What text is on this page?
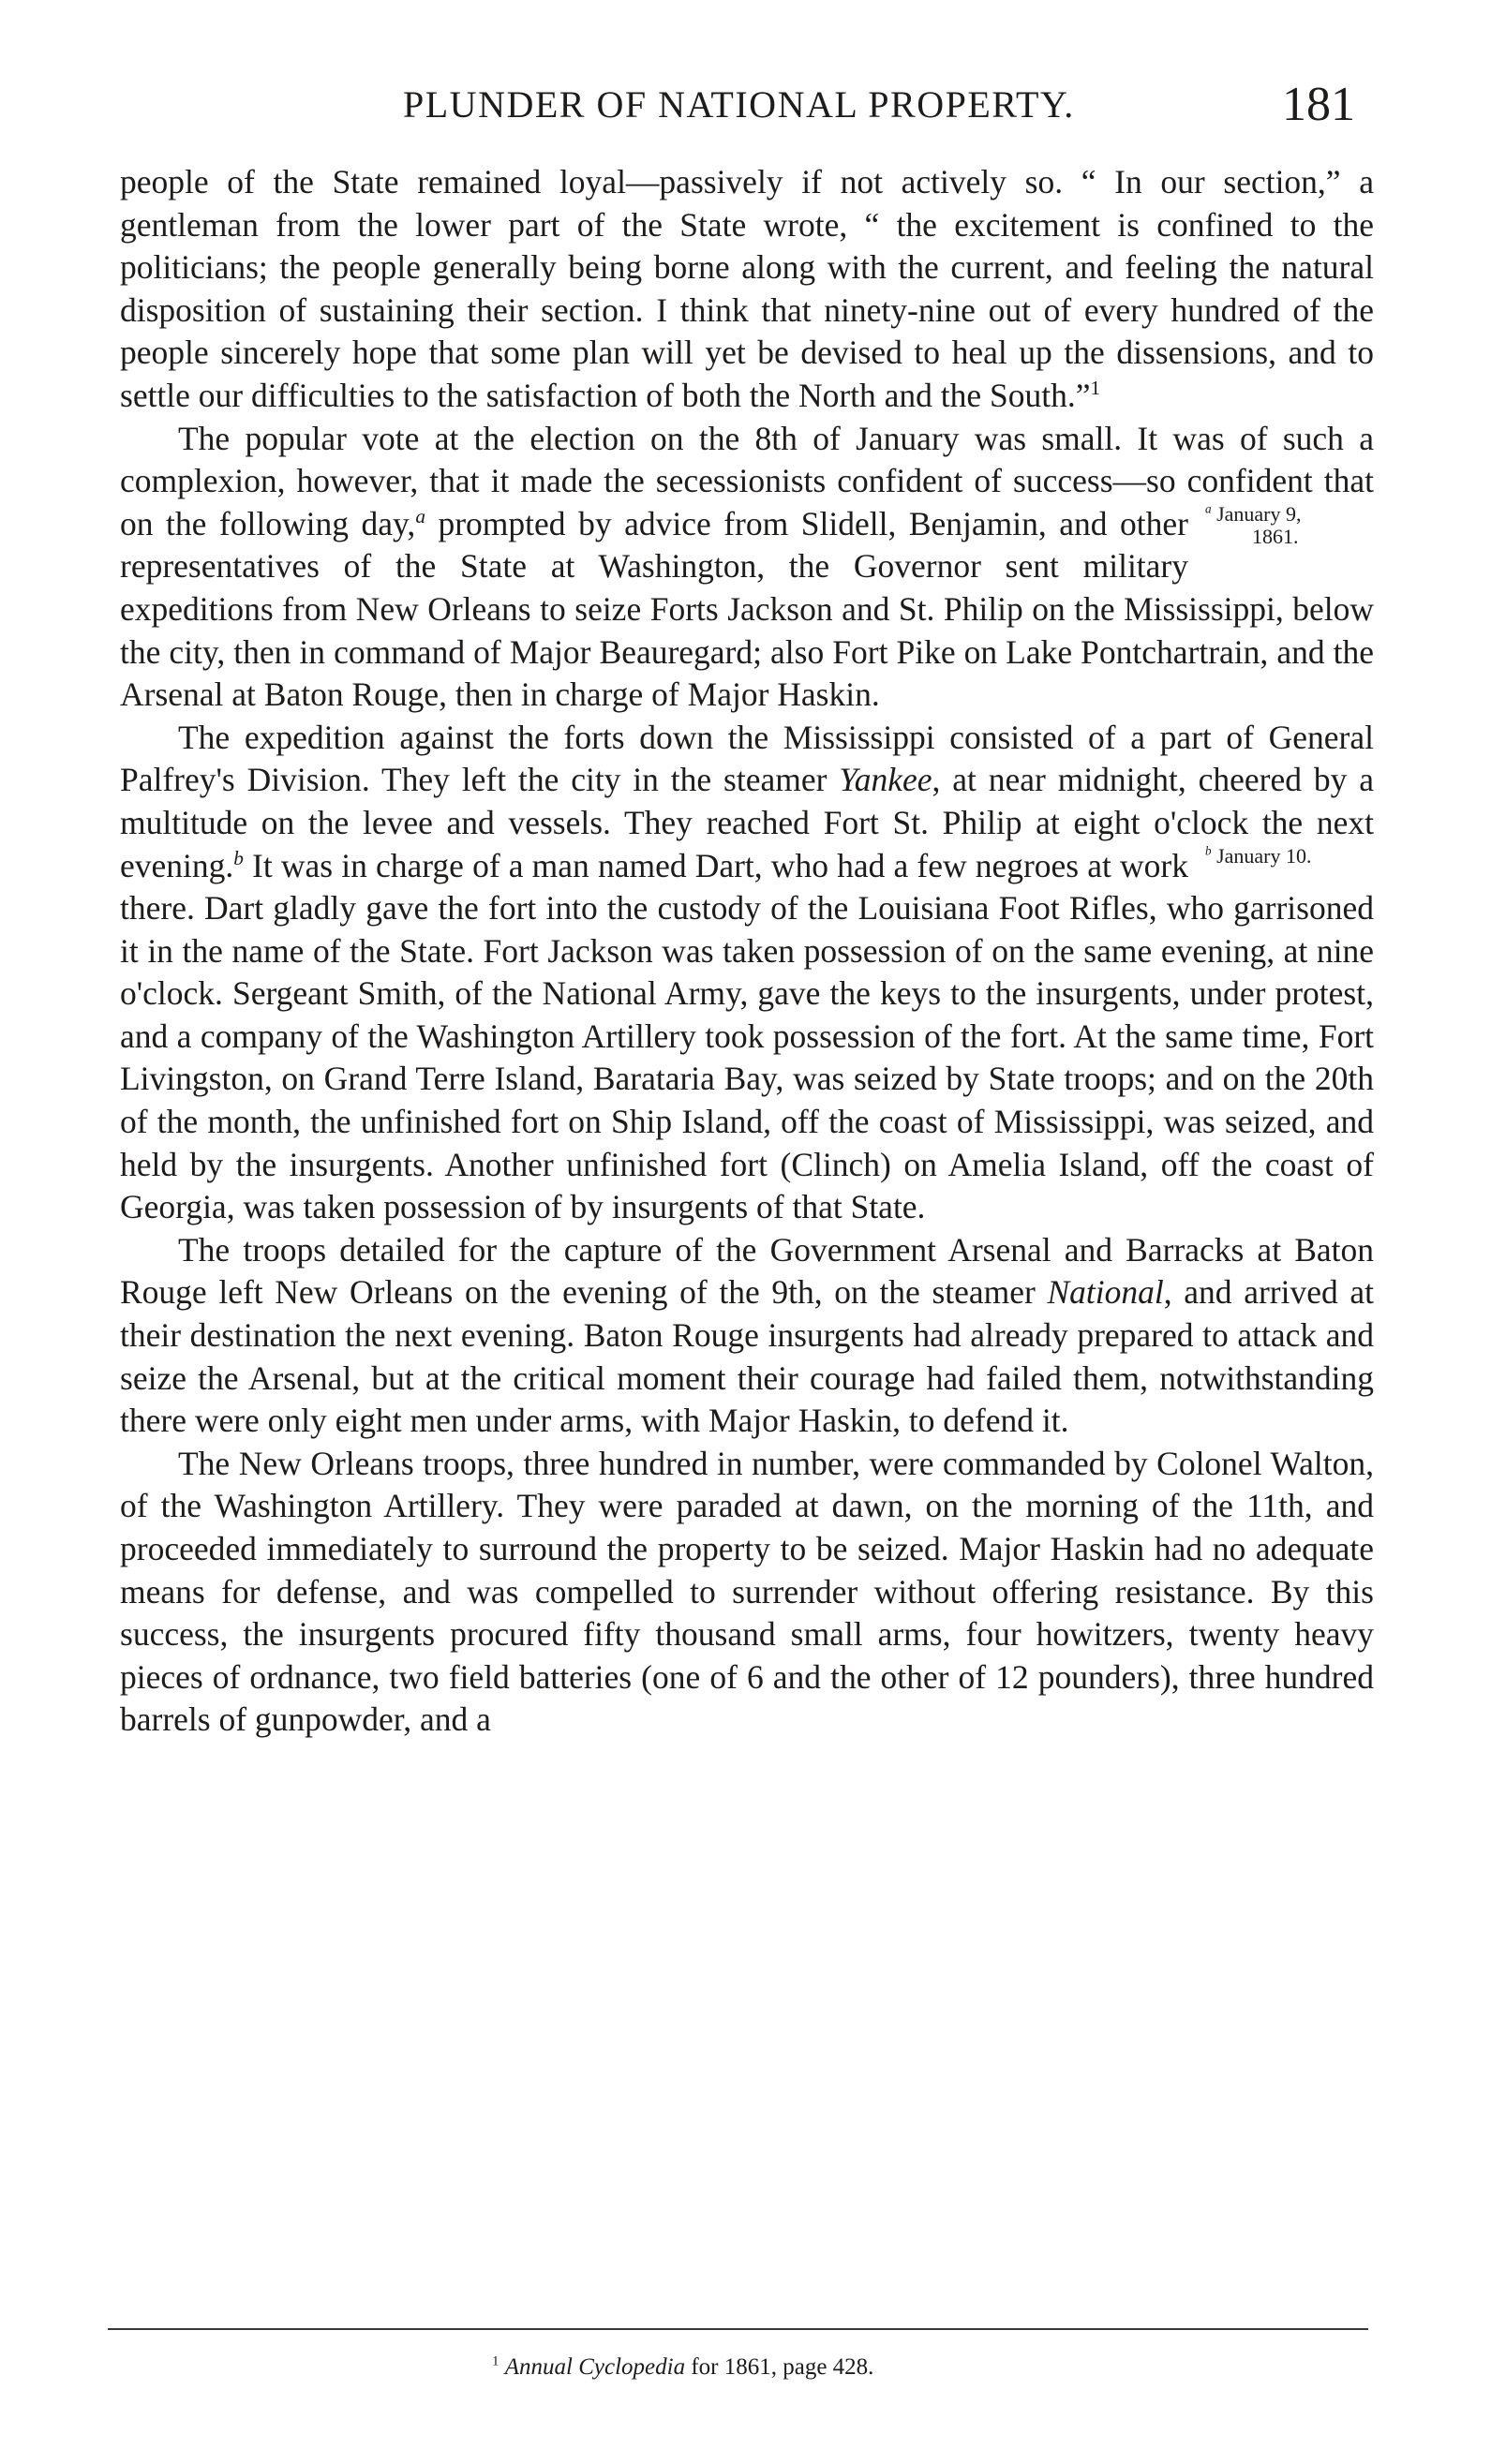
PLUNDER OF NATIONAL PROPERTY.	181

people of the State remained loyal—passively if not actively so. “ In our section,” a gentleman from the lower part of the State wrote, “ the excitement is confined to the politicians; the people generally being borne along with the current, and feeling the natural disposition of sustaining their section. I think that ninety-nine out of every hundred of the people sincerely hope that some plan will yet be devised to heal up the dissensions, and to settle our difficulties to the satisfaction of both the North and the South.”$^1$

The popular vote at the election on the 8th of January was small. It was of such a complexion, however, that it made the secessionists confident of success—so confident that on the following day,$^a$	$^a$ January 9,
1861.
prompted by advice from Slidell, Benjamin, and other representatives of the State at Washington, the Governor sent military expeditions from New Orleans to seize Forts Jackson and St. Philip on the Mississippi, below the city, then in command of Major Beauregard; also Fort Pike on Lake Pontchartrain, and the Arsenal at Baton Rouge, then in charge of Major Haskin.

The expedition against the forts down the Mississippi consisted of a part of General Palfrey's Division. They left the city in the steamer Yankee, at near midnight, cheered by a multitude on the levee and vessels. They reached Fort St. Philip at eight o'clock the next evening.$^b$	$^b$ January 10.
It was in charge of a man named Dart, who had a few negroes at work there. Dart gladly gave the fort into the custody of the Louisiana Foot Rifles, who garrisoned it in the name of the State. Fort Jackson was taken possession of on the same evening, at nine o'clock. Sergeant Smith, of the National Army, gave the keys to the insurgents, under protest, and a company of the Washington Artillery took possession of the fort. At the same time, Fort Livingston, on Grand Terre Island, Barataria Bay, was seized by State troops; and on the 20th of the month, the unfinished fort on Ship Island, off the coast of Mississippi, was seized, and held by the insurgents. Another unfinished fort (Clinch) on Amelia Island, off the coast of Georgia, was taken possession of by insurgents of that State.

The troops detailed for the capture of the Government Arsenal and Barracks at Baton Rouge left New Orleans on the evening of the 9th, on the steamer National, and arrived at their destination the next evening. Baton Rouge insurgents had already prepared to attack and seize the Arsenal, but at the critical moment their courage had failed them, notwithstanding there were only eight men under arms, with Major Haskin, to defend it.

The New Orleans troops, three hundred in number, were commanded by Colonel Walton, of the Washington Artillery. They were paraded at dawn, on the morning of the 11th, and proceeded immediately to surround the property to be seized. Major Haskin had no adequate means for defense, and was compelled to surrender without offering resistance. By this success, the insurgents procured fifty thousand small arms, four howitzers, twenty heavy pieces of ordnance, two field batteries (one of 6 and the other of 12 pounders), three hundred barrels of gunpowder, and a

$^1$ Annual Cyclopedia for 1861, page 428.
